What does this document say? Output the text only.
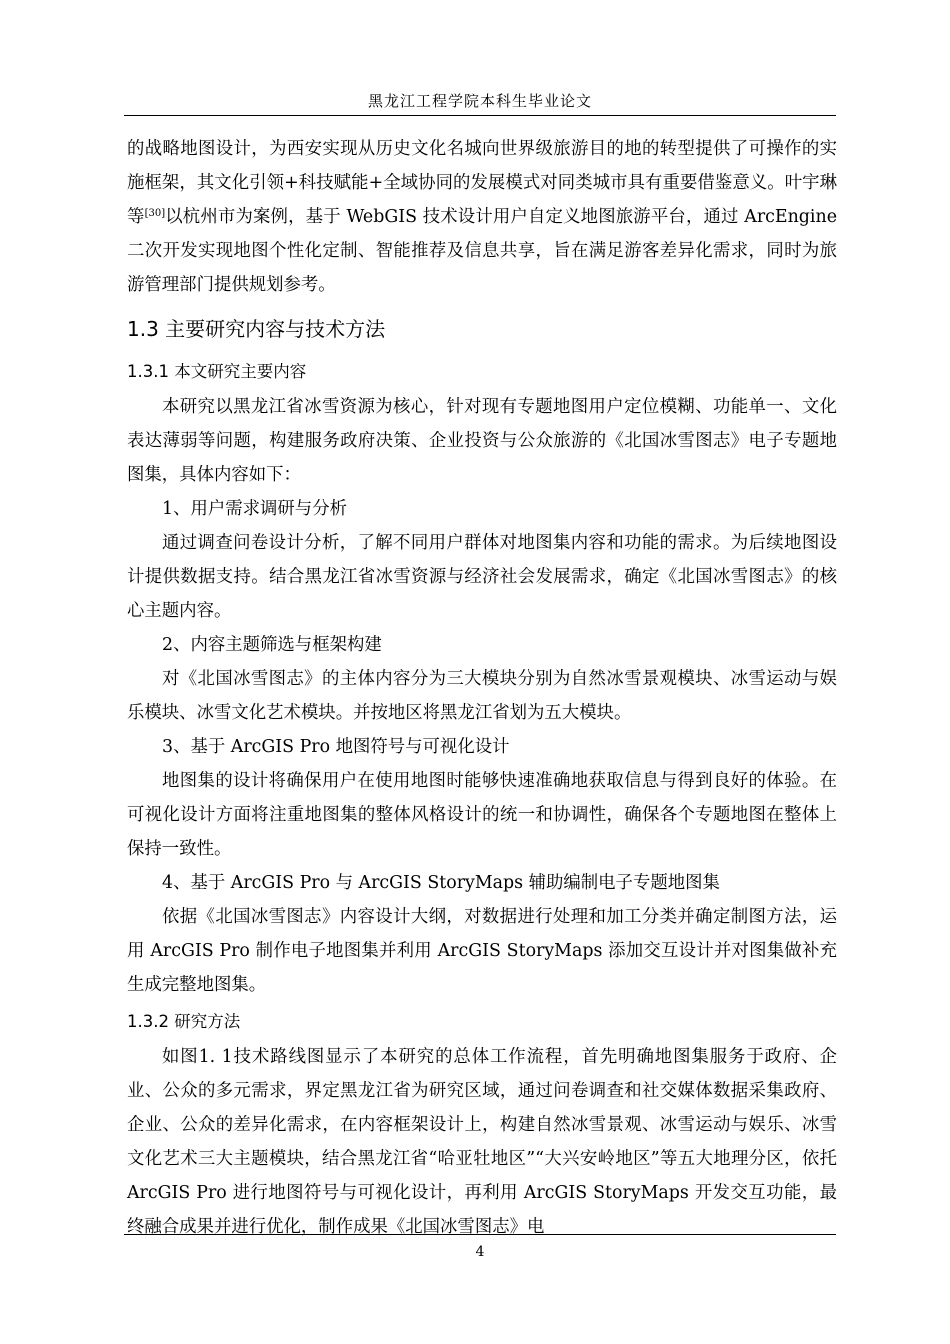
黑龙江工程学院本科生毕业论文

的战略地图设计，为西安实现从历史文化名城向世界级旅游目的地的转型提供了可操作的实施框架，其文化引领+科技赋能+全域协同的发展模式对同类城市具有重要借鉴意义。叶宇琳等[30]以杭州市为案例，基于 WebGIS 技术设计用户自定义地图旅游平台，通过 ArcEngine 二次开发实现地图个性化定制、智能推荐及信息共享，旨在满足游客差异化需求，同时为旅游管理部门提供规划参考。

1.3 主要研究内容与技术方法
1.3.1 本文研究主要内容

本研究以黑龙江省冰雪资源为核心，针对现有专题地图用户定位模糊、功能单一、文化表达薄弱等问题，构建服务政府决策、企业投资与公众旅游的《北国冰雪图志》电子专题地图集，具体内容如下：

1、用户需求调研与分析

通过调查问卷设计分析，了解不同用户群体对地图集内容和功能的需求。为后续地图设计提供数据支持。结合黑龙江省冰雪资源与经济社会发展需求，确定《北国冰雪图志》的核心主题内容。

2、内容主题筛选与框架构建

对《北国冰雪图志》的主体内容分为三大模块分别为自然冰雪景观模块、冰雪运动与娱乐模块、冰雪文化艺术模块。并按地区将黑龙江省划为五大模块。

3、基于 ArcGIS Pro 地图符号与可视化设计

地图集的设计将确保用户在使用地图时能够快速准确地获取信息与得到良好的体验。在可视化设计方面将注重地图集的整体风格设计的统一和协调性，确保各个专题地图在整体上保持一致性。

4、基于 ArcGIS Pro 与 ArcGIS StoryMaps 辅助编制电子专题地图集

依据《北国冰雪图志》内容设计大纲，对数据进行处理和加工分类并确定制图方法，运用 ArcGIS Pro 制作电子地图集并利用 ArcGIS StoryMaps 添加交互设计并对图集做补充生成完整地图集。

1.3.2 研究方法

如图1. 1技术路线图显示了本研究的总体工作流程，首先明确地图集服务于政府、企业、公众的多元需求，界定黑龙江省为研究区域，通过问卷调查和社交媒体数据采集政府、企业、公众的差异化需求，在内容框架设计上，构建自然冰雪景观、冰雪运动与娱乐、冰雪文化艺术三大主题模块，结合黑龙江省“哈亚牡地区”“大兴安岭地区”等五大地理分区，依托 ArcGIS Pro 进行地图符号与可视化设计，再利用 ArcGIS StoryMaps 开发交互功能，最终融合成果并进行优化，制作成果《北国冰雪图志》电

4
